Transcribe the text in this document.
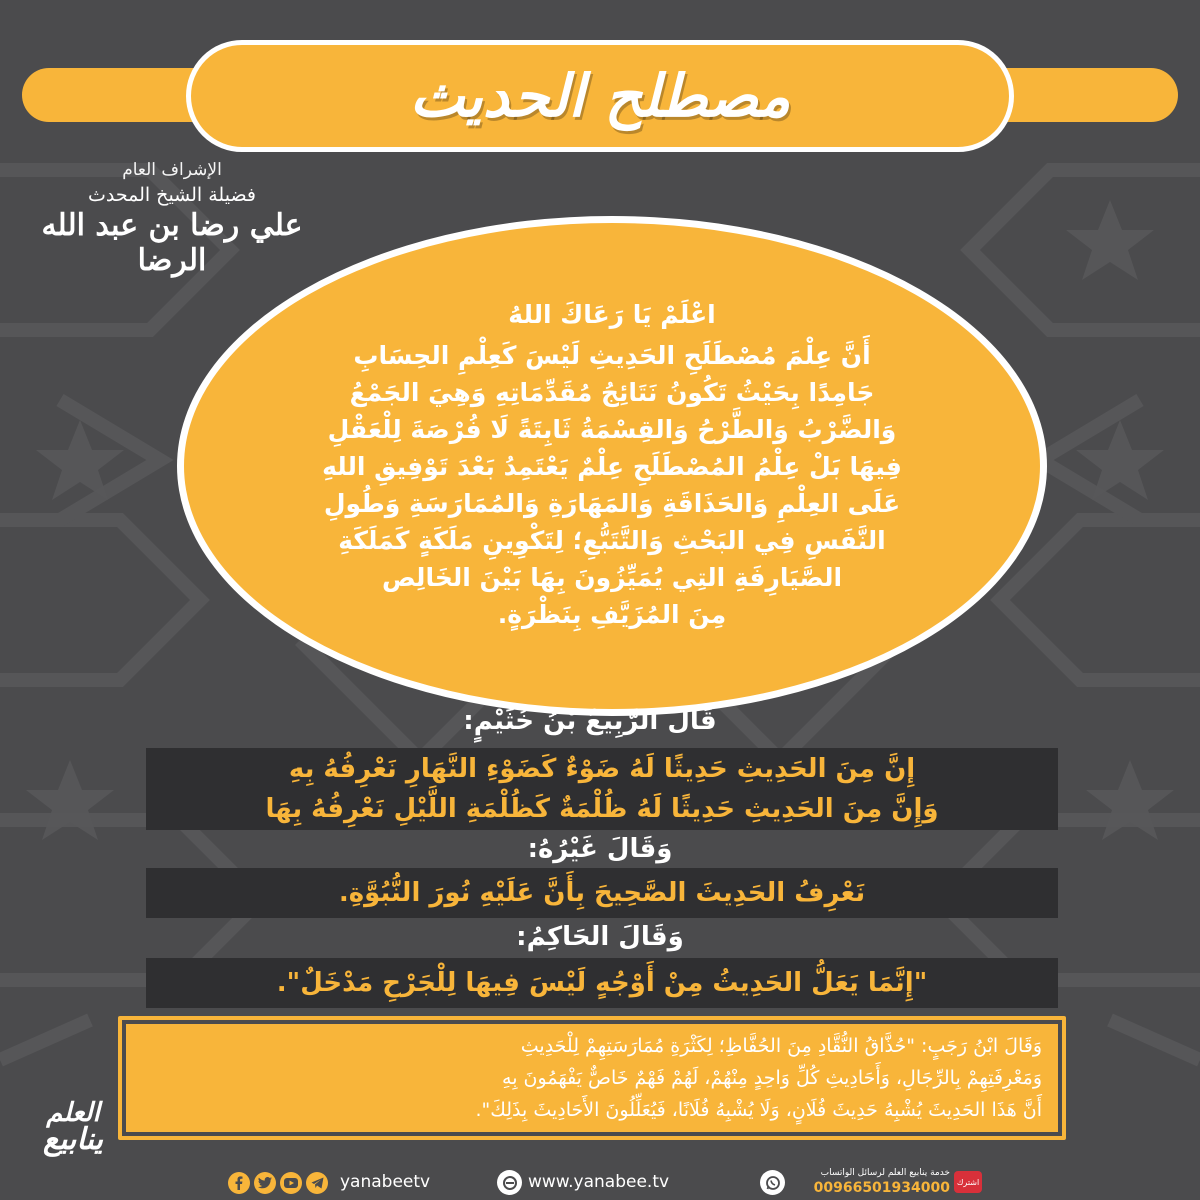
مصطلح الحديث
الإشراف العام
فضيلة الشيخ المحدث
علي رضا بن عبد الله الرضا
اعْلَمْ يَا رَعَاكَ اللهُ
أَنَّ عِلْمَ مُصْطَلَحِ الحَدِيثِ لَيْسَ كَعِلْمِ الحِسَابِ
جَامِدًا بِحَيْثُ تَكُونُ نَتَائِجُ مُقَدِّمَاتِهِ وَهِيَ الجَمْعُ
وَالضَّرْبُ وَالطَّرْحُ وَالقِسْمَةُ ثَابِتَةً لَا فُرْصَةَ لِلْعَقْلِ
فِيهَا بَلْ عِلْمُ المُصْطَلَحِ عِلْمٌ يَعْتَمِدُ بَعْدَ تَوْفِيقِ اللهِ
عَلَى العِلْمِ وَالحَذَاقَةِ وَالمَهَارَةِ وَالمُمَارَسَةِ وَطُولِ
النَّفَسِ فِي البَحْثِ وَالتَّتَبُّعِ؛ لِتَكْوِينِ مَلَكَةٍ كَمَلَكَةِ
الصَّيَارِفَةِ التِي يُمَيِّزُونَ بِهَا بَيْنَ الخَالِص
مِنَ المُزَيَّفِ بِنَظْرَةٍ.
قَالَ الرَّبِيعُ بْنُ خُثَيْمٍ:
إِنَّ مِنَ الحَدِيثِ حَدِيثًا لَهُ ضَوْءٌ كَضَوْءِ النَّهَارِ نَعْرِفُهُ بِهِ
وَإِنَّ مِنَ الحَدِيثِ حَدِيثًا لَهُ ظُلْمَةٌ كَظُلْمَةِ اللَّيْلِ نَعْرِفُهُ بِهَا
وَقَالَ غَيْرُهُ:
نَعْرِفُ الحَدِيثَ الصَّحِيحَ بِأَنَّ عَلَيْهِ نُورَ النُّبُوَّةِ.
وَقَالَ الحَاكِمُ:
"إِنَّمَا يَعَلُّ الحَدِيثُ مِنْ أَوْجُهٍ لَيْسَ فِيهَا لِلْجَرْحِ مَدْخَلٌ".
وَقَالَ ابْنُ رَجَبٍ: "حُذَّاقُ النُّقَّادِ مِنَ الحُفَّاظِ؛ لِكَثْرَةِ مُمَارَسَتِهِمْ لِلْحَدِيثِ
وَمَعْرِفَتِهِمْ بِالرِّجَالِ، وَأَحَادِيثِ كُلِّ وَاحِدٍ مِنْهُمْ، لَهُمْ فَهْمٌ خَاصٌّ يَفْهَمُونَ بِهِ
أَنَّ هَذَا الحَدِيثَ يُشْبِهُ حَدِيثَ فُلَانٍ، وَلَا يُشْبِهُ فُلَانًا، فَيُعَلِّلُونَ الأَحَادِيثَ بِذَلِكَ".
العلم
ينابيع
yanabeetv	www.yanabee.tv	خدمة ينابيع العلم لرسائل الواتساب
00966501934000 اشترك
